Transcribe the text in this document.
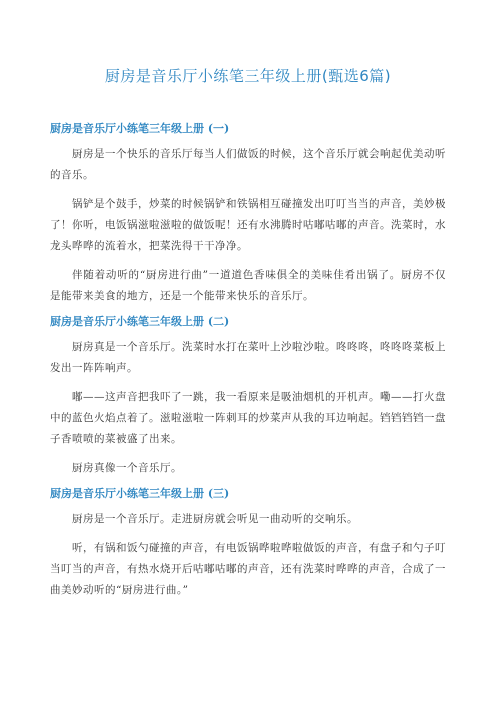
厨房是音乐厅小练笔三年级上册(甄选6篇)
厨房是音乐厅小练笔三年级上册 (一)

厨房是一个快乐的音乐厅每当人们做饭的时候，这个音乐厅就会响起优美动听的音乐。

锅铲是个鼓手，炒菜的时候锅铲和铁锅相互碰撞发出叮叮当当的声音，美妙极了！你听，电饭锅滋啦滋啦的做饭呢！还有水沸腾时咕嘟咕嘟的声音。洗菜时，水龙头哗哗的流着水，把菜洗得干干净净。

伴随着动听的“厨房进行曲”一道道色香味俱全的美味佳肴出锅了。厨房不仅是能带来美食的地方，还是一个能带来快乐的音乐厅。

厨房是音乐厅小练笔三年级上册 (二)

厨房真是一个音乐厅。洗菜时水打在菜叶上沙啦沙啦。咚咚咚，咚咚咚菜板上发出一阵阵响声。

嘟——这声音把我吓了一跳，我一看原来是吸油烟机的开机声。嘞——打火盘中的蓝色火焰点着了。滋啦滋啦一阵刺耳的炒菜声从我的耳边响起。铛铛铛铛一盘子香喷喷的菜被盛了出来。

厨房真像一个音乐厅。

厨房是音乐厅小练笔三年级上册 (三)

厨房是一个音乐厅。走进厨房就会听见一曲动听的交响乐。

听，有锅和饭勺碰撞的声音，有电饭锅哗啦哗啦做饭的声音，有盘子和勺子叮当叮当的声音，有热水烧开后咕嘟咕嘟的声音，还有洗菜时哗哗的声音，合成了一曲美妙动听的“厨房进行曲。”
